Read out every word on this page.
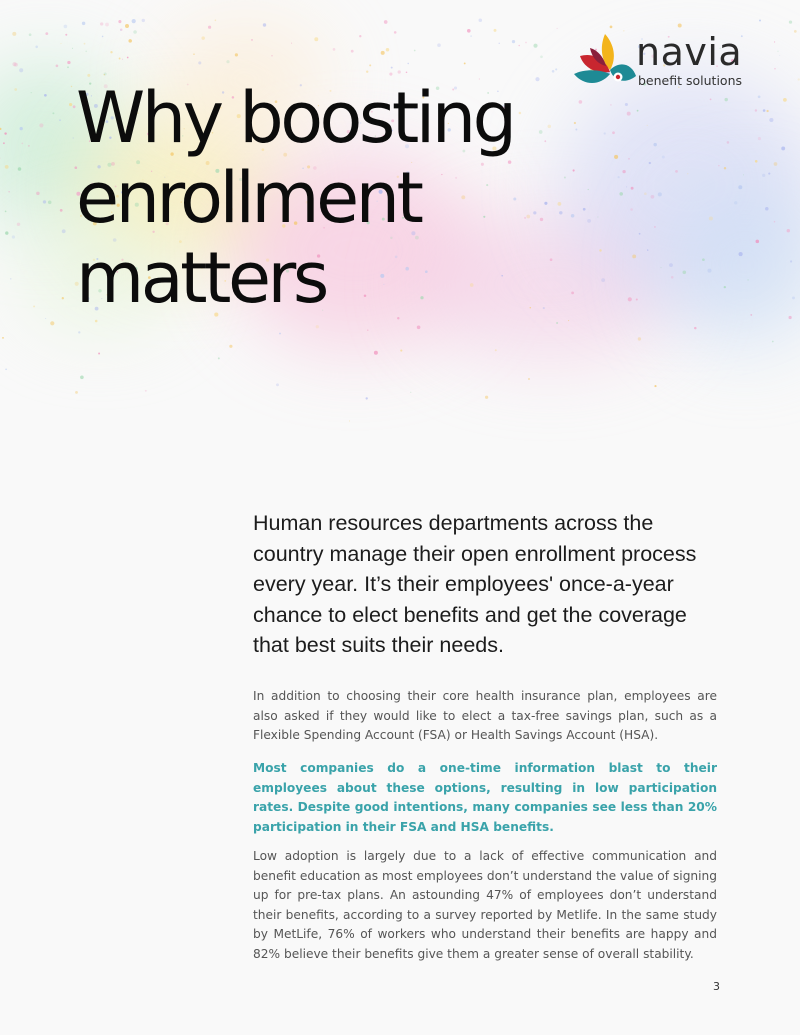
navia
benefit solutions
Why boosting enrollment matters

Human resources departments across the country manage their open enrollment process every year. It’s their employees' once-a-year chance to elect benefits and get the coverage that best suits their needs.

In addition to choosing their core health insurance plan, employees are also asked if they would like to elect a tax-free savings plan, such as a Flexible Spending Account (FSA) or Health Savings Account (HSA).

Most companies do a one-time information blast to their employees about these options, resulting in low participation rates. Despite good intentions, many companies see less than 20% participation in their FSA and HSA benefits.

Low adoption is largely due to a lack of effective communication and benefit education as most employees don’t understand the value of signing up for pre-tax plans. An astounding 47% of employees don’t understand their benefits, according to a survey reported by Metlife. In the same study by MetLife, 76% of workers who understand their benefits are happy and 82% believe their benefits give them a greater sense of overall stability.

3
